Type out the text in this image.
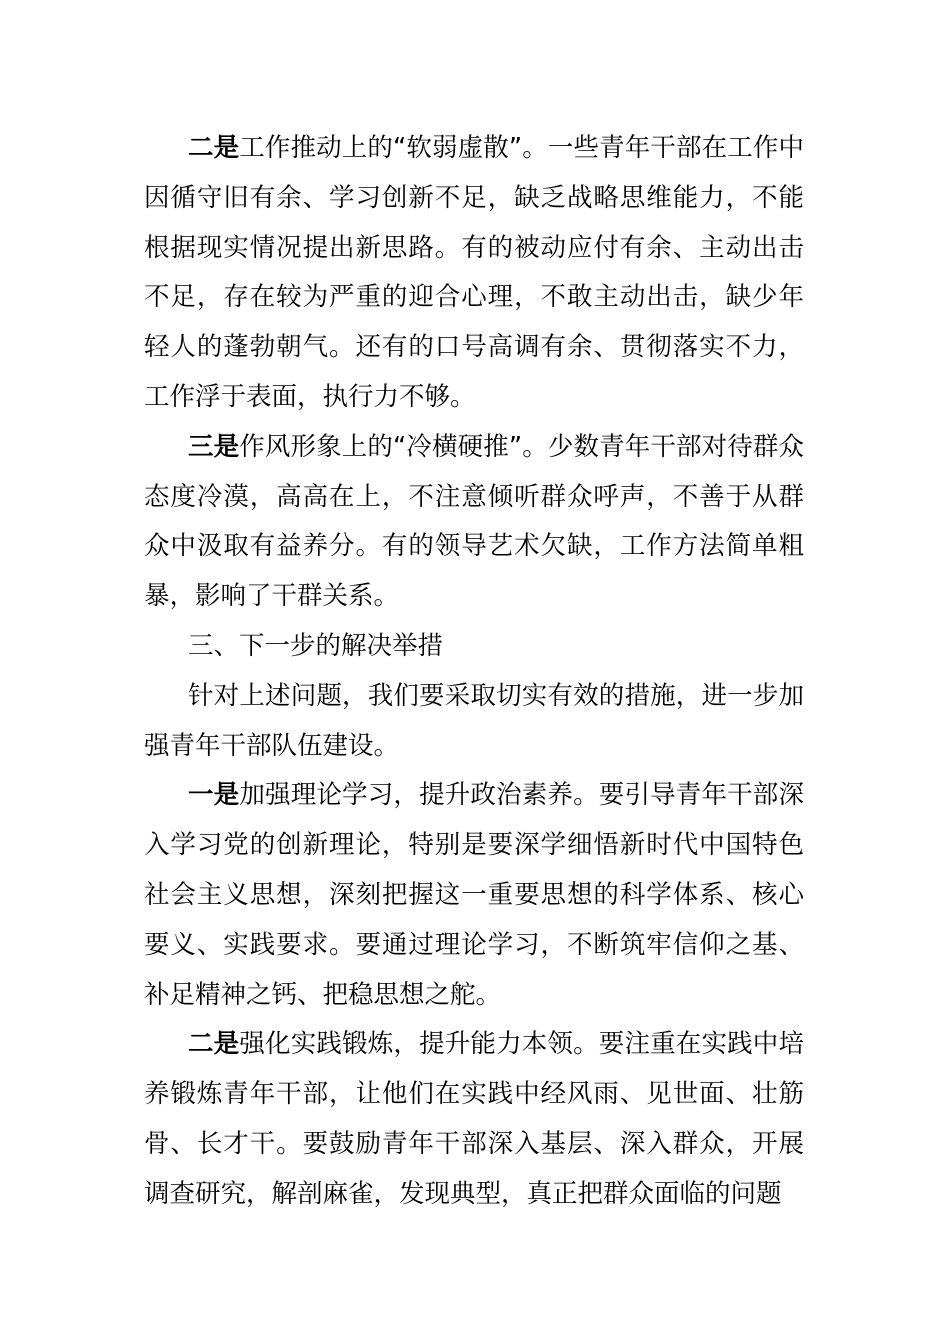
二是工作推动上的“软弱虚散”。一些青年干部在工作中因循守旧有余、学习创新不足，缺乏战略思维能力，不能根据现实情况提出新思路。有的被动应付有余、主动出击不足，存在较为严重的迎合心理，不敢主动出击，缺少年轻人的蓬勃朝气。还有的口号高调有余、贯彻落实不力，工作浮于表面，执行力不够。

三是作风形象上的“冷横硬推”。少数青年干部对待群众态度冷漠，高高在上，不注意倾听群众呼声，不善于从群众中汲取有益养分。有的领导艺术欠缺，工作方法简单粗暴，影响了干群关系。

三、下一步的解决举措

针对上述问题，我们要采取切实有效的措施，进一步加强青年干部队伍建设。

一是加强理论学习，提升政治素养。要引导青年干部深入学习党的创新理论，特别是要深学细悟新时代中国特色社会主义思想，深刻把握这一重要思想的科学体系、核心要义、实践要求。要通过理论学习，不断筑牢信仰之基、补足精神之钙、把稳思想之舵。

二是强化实践锻炼，提升能力本领。要注重在实践中培养锻炼青年干部，让他们在实践中经风雨、见世面、壮筋骨、长才干。要鼓励青年干部深入基层、深入群众，开展调查研究，解剖麻雀，发现典型，真正把群众面临的问题
